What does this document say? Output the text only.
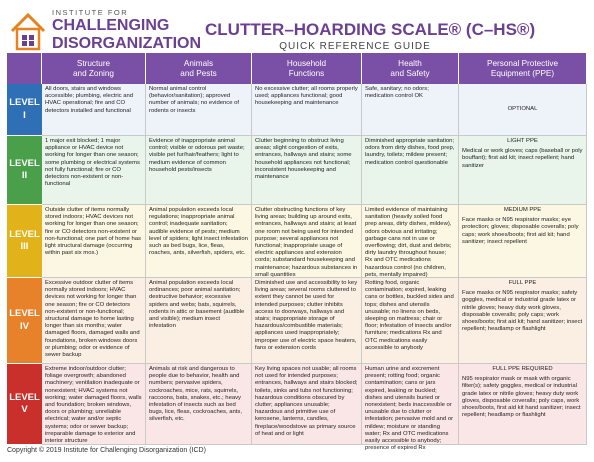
INSTITUTE FOR
CHALLENGING
DISORGANIZATION
CLUTTER–HOARDING SCALE® (C–HS®)
QUICK REFERENCE GUIDE
Structure
and Zoning
Animals
and Pests
Household
Functions
Health
and Safety
Personal Protective
Equipment (PPE)
LEVEL
I
All doors, stairs and windows accessible; plumbing, electric and HVAC operational; fire and CO detectors installed and functional
Normal animal control (behavior/sanitation); approved number of animals; no evidence of rodents or insects
No excessive clutter; all rooms properly used; appliances functional; good housekeeping and maintenance
Safe, sanitary; no odors; medication control OK
OPTIONAL
LEVEL
II
1 major exit blocked; 1 major appliance or HVAC device not working for longer than one season; some plumbing or electrical systems not fully functional; fire or CO detectors non-existent or non-functional
Evidence of inappropriate animal control; visible or odorous pet waste; visible pet fur/hair/feathers; light to medium evidence of common household pests/insects
Clutter beginning to obstruct living areas; slight congestion of exits, entrances, hallways and stairs; some household appliances not functional; inconsistent housekeeping and maintenance
Diminished appropriate sanitation; odors from dirty dishes, food prep, laundry, toilets; mildew present; medication control questionable
LIGHT PPE
Medical or work gloves; caps (baseball or poly bouffant); first aid kit; insect repellent; hand sanitizer
LEVEL
III
Outside clutter of items normally stored indoors; HVAC devices not working for longer than one season; fire or CO detectors non-existent or non-functional; one part of home has light structural damage (occurring within past six mos.)
Animal population exceeds local regulations; inappropriate animal control; inadequate sanitation; audible evidence of pests; medium level of spiders; light insect infestation such as bed bugs, lice, fleas, roaches, ants, silverfish, spiders, etc.
Clutter obstructing functions of key living areas; building up around exits, entrances, hallways and stairs; at least one room not being used for intended purpose; several appliances not functional; inappropriate usage of electric appliances and extension cords; substandard housekeeping and maintenance; hazardous substances in small quantities
Limited evidence of maintaining sanitation (heavily soiled food prep areas, dirty dishes, mildew), odors obvious and irritating; garbage cans not in use or overflowing; dirt, dust and debris; dirty laundry throughout house; Rx and OTC medications hazardous control (no children, pets, mentally impaired)
MEDIUM PPE
Face masks or N95 respirator masks; eye protection; gloves; disposable coveralls; poly caps; work shoes/boots; first aid kit; hand sanitizer; insect repellent
LEVEL
IV
Excessive outdoor clutter of items normally stored indoors; HVAC devices not working for longer than one season; fire or CO detectors non-existent or non-functional; structural damage to home lasting longer than six months; water damaged floors, damaged walls and foundations, broken windows doors or plumbing; odor or evidence of sewer backup
Animal population exceeds local ordinances; poor animal sanitation; destructive behavior; excessive spiders and webs; bats, squirrels, rodents in attic or basement (audible and visible); medium insect infestation
Diminished use and accessibility to key living areas; several rooms cluttered to extent they cannot be used for intended purposes; clutter inhibits access to doorways, hallways and stairs; inappropriate storage of hazardous/combustible materials; appliances used inappropriately; improper use of electric space heaters, fans or extension cords
Rotting food, organic contamination; expired, leaking cans or bottles, buckled sides and tops; dishes and utensils unusable; no linens on beds, sleeping on mattress; chair or floor; infestation of insects and/or furniture; medications Rx and OTC medications easily accessible to anybody
FULL PPE
Face masks or N95 respirator masks; safety goggles, medical or industrial grade latex or nitrile gloves; heavy duty work gloves, disposable coveralls; poly caps; work shoes/boots; first aid kit; hand sanitizer; insect repellent; headlamp or flashlight
LEVEL
V
Extreme indoor/outdoor clutter; foliage overgrowth; abandoned machinery; ventilation inadequate or nonexistent; HVAC systems not working; water damaged floors, walls and foundation; broken windows, doors or plumbing; unreliable electrical; water and/or septic systems; odor or sewer backup; irreparable damage to exterior and interior structure
Animals at risk and dangerous to people due to behavior, health and numbers; pervasive spiders, cockroaches, mice, rats, squirrels, raccoons, bats, snakes, etc.; heavy infestation of insects such as bed bugs, lice, fleas, cockroaches, ants, silverfish, etc.
Key living spaces not usable; all rooms not used for intended purposes; entrances, hallways and stairs blocked; toilets, sinks and tubs not functioning; hazardous conditions obscured by clutter; appliances unusable; hazardous and primitive use of kerosene, lanterns, candles, fireplace/woodstove as primary source of heat and or light
Human urine and excrement present; rotting food; organic contamination; cans or jars expired, leaking or buckled; dishes and utensils buried or nonexistent; beds inaccessible or unusable due to clutter or infestation; pervasive mold and or mildew; moisture or standing water; Rx and OTC medications easily accessible to anybody; presence of expired Rx
FULL PPE REQUIRED
N95 respirator mask or mask with organic filter(s); safety goggles, medical or industrial grade latex or nitrile gloves; heavy duty work gloves, disposable coveralls; poly caps, work shoes/boots, first aid kit hand sanitizer; insect repellent; headlamp or flashlight
Copyright © 2019 Institute for Challenging Disorganization (ICD)
